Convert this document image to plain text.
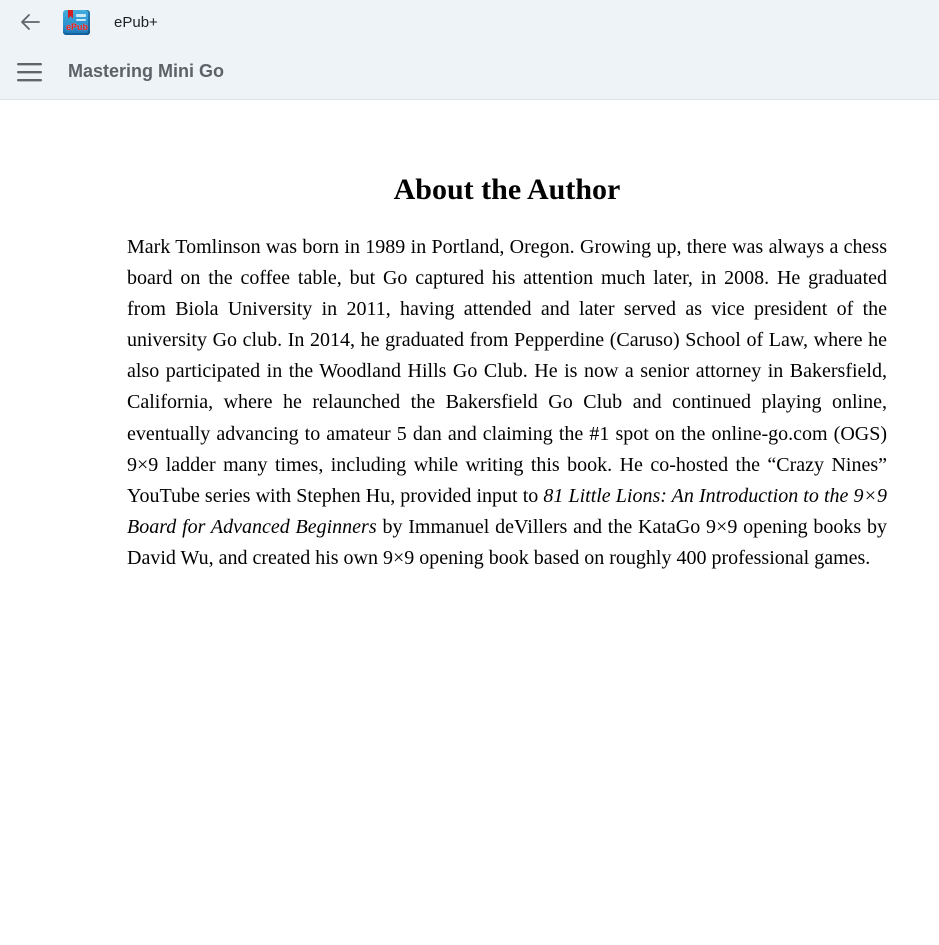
ePub ePub+
Mastering Mini Go
About the Author

Mark Tomlinson was born in 1989 in Portland, Oregon. Growing up, there was always a chess board on the coffee table, but Go captured his attention much later, in 2008. He graduated from Biola University in 2011, having attended and later served as vice president of the university Go club. In 2014, he graduated from Pepperdine (Caruso) School of Law, where he also participated in the Woodland Hills Go Club. He is now a senior attorney in Bakersfield, California, where he relaunched the Bakersfield Go Club and continued playing online, eventually advancing to amateur 5 dan and claiming the #1 spot on the online-go.com (OGS) 9×9 ladder many times, including while writing this book. He co-hosted the “Crazy Nines” YouTube series with Stephen Hu, provided input to 81 Little Lions: An Introduction to the 9×9 Board for Advanced Beginners by Immanuel deVillers and the KataGo 9×9 opening books by David Wu, and created his own 9×9 opening book based on roughly 400 professional games.
